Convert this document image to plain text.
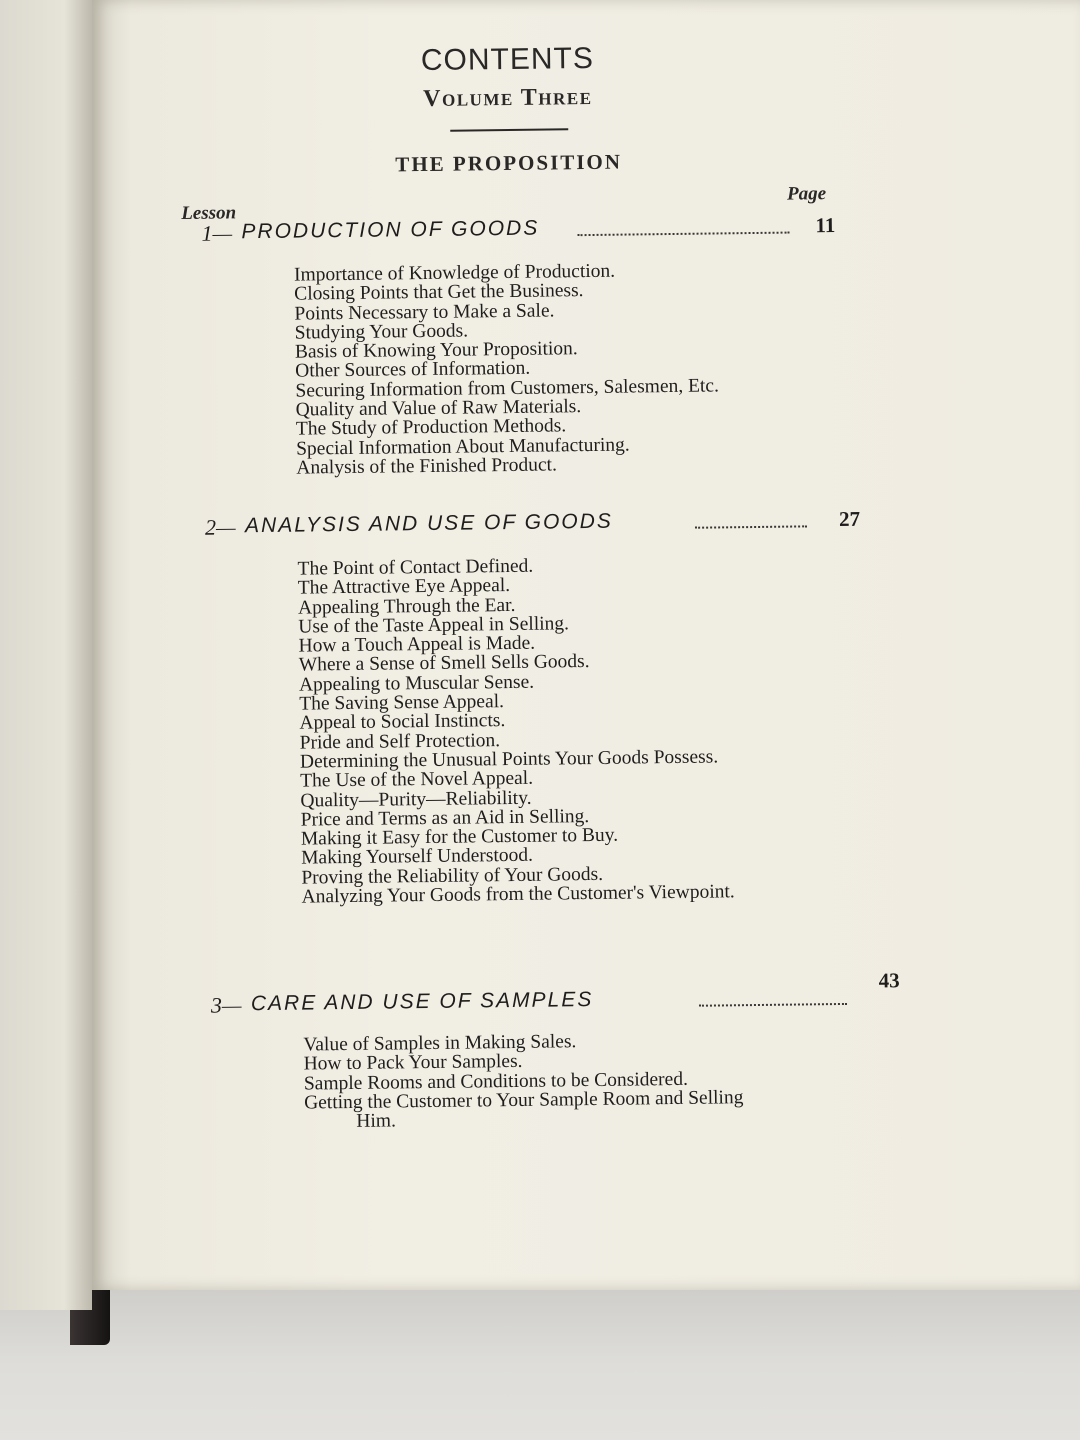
CONTENTS
Volume Three
THE PROPOSITION
Lesson
Page
1— PRODUCTION OF GOODS	11
Importance of Knowledge of Production.
Closing Points that Get the Business.
Points Necessary to Make a Sale.
Studying Your Goods.
Basis of Knowing Your Proposition.
Other Sources of Information.
Securing Information from Customers, Salesmen, Etc.
Quality and Value of Raw Materials.
The Study of Production Methods.
Special Information About Manufacturing.
Analysis of the Finished Product.
2— ANALYSIS AND USE OF GOODS	27
The Point of Contact Defined.
The Attractive Eye Appeal.
Appealing Through the Ear.
Use of the Taste Appeal in Selling.
How a Touch Appeal is Made.
Where a Sense of Smell Sells Goods.
Appealing to Muscular Sense.
The Saving Sense Appeal.
Appeal to Social Instincts.
Pride and Self Protection.
Determining the Unusual Points Your Goods Possess.
The Use of the Novel Appeal.
Quality—Purity—Reliability.
Price and Terms as an Aid in Selling.
Making it Easy for the Customer to Buy.
Making Yourself Understood.
Proving the Reliability of Your Goods.
Analyzing Your Goods from the Customer's Viewpoint.
3— CARE AND USE OF SAMPLES
43
Value of Samples in Making Sales.
How to Pack Your Samples.
Sample Rooms and Conditions to be Considered.
Getting the Customer to Your Sample Room and Selling
Him.
